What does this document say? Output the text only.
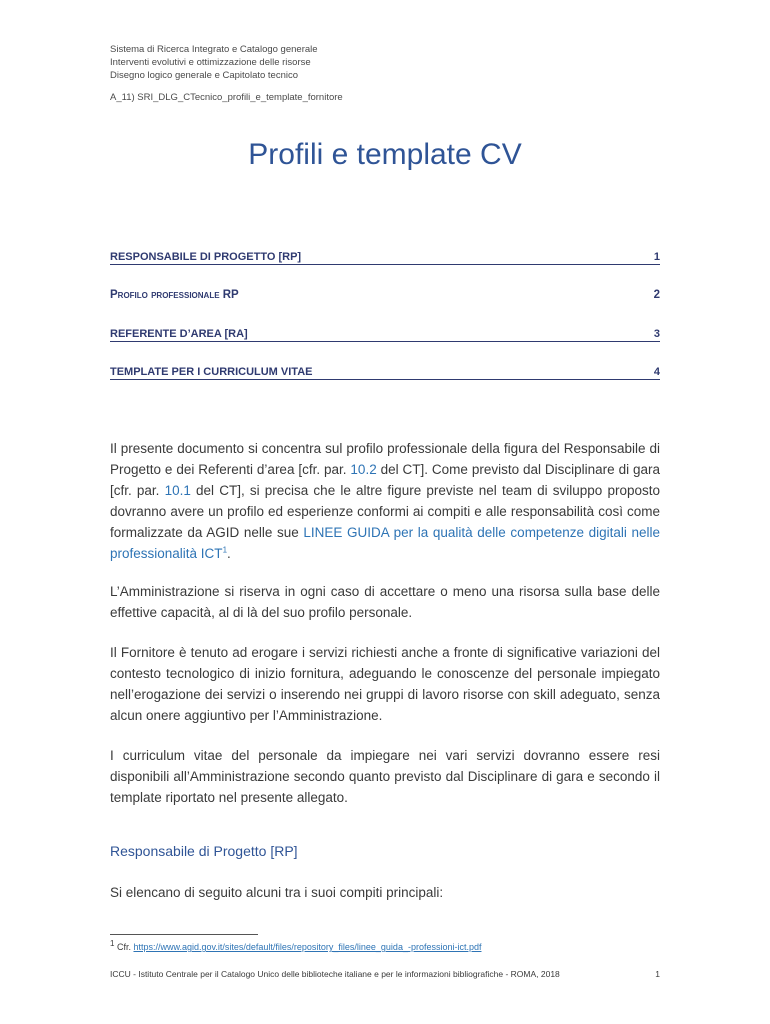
Sistema di Ricerca Integrato e Catalogo generale
Interventi evolutivi e ottimizzazione delle risorse
Disegno logico generale e Capitolato tecnico
A_11) SRI_DLG_CTecnico_profili_e_template_fornitore
Profili e template CV
RESPONSABILE DI PROGETTO [RP]	1
Profilo professionale RP	2
REFERENTE D’AREA [RA]	3
TEMPLATE PER I CURRICULUM VITAE	4

Il presente documento si concentra sul profilo professionale della figura del Responsabile di Progetto e dei Referenti d’area [cfr. par. 10.2 del CT]. Come previsto dal Disciplinare di gara [cfr. par. 10.1 del CT], si precisa che le altre figure previste nel team di sviluppo proposto dovranno avere un profilo ed esperienze conformi ai compiti e alle responsabilità così come formalizzate da AGID nelle sue LINEE GUIDA per la qualità delle competenze digitali nelle professionalità ICT$^1$.

L’Amministrazione si riserva in ogni caso di accettare o meno una risorsa sulla base delle effettive capacità, al di là del suo profilo personale.

Il Fornitore è tenuto ad erogare i servizi richiesti anche a fronte di significative variazioni del contesto tecnologico di inizio fornitura, adeguando le conoscenze del personale impiegato nell’erogazione dei servizi o inserendo nei gruppi di lavoro risorse con skill adeguato, senza alcun onere aggiuntivo per l’Amministrazione.

I curriculum vitae del personale da impiegare nei vari servizi dovranno essere resi disponibili all’Amministrazione secondo quanto previsto dal Disciplinare di gara e secondo il template riportato nel presente allegato.

Responsabile di Progetto [RP]

Si elencano di seguito alcuni tra i suoi compiti principali:

$^1$ Cfr. https://www.agid.gov.it/sites/default/files/repository_files/linee_guida_-professioni-ict.pdf
ICCU - Istituto Centrale per il Catalogo Unico delle biblioteche italiane e per le informazioni bibliografiche - ROMA, 2018	1
